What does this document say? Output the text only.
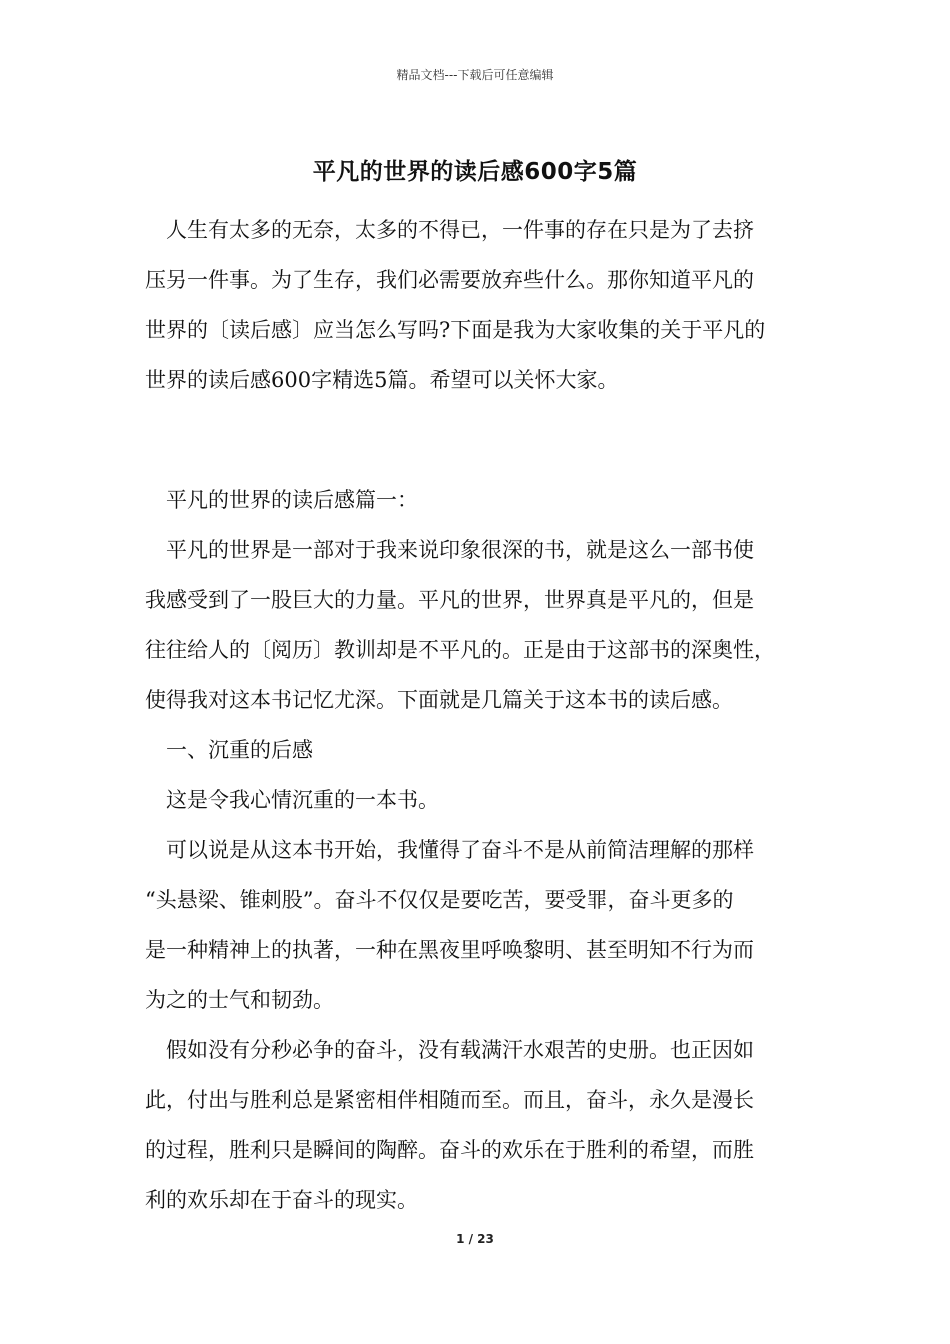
精品文档---下载后可任意编辑
平凡的世界的读后感600字5篇
人生有太多的无奈，太多的不得已，一件事的存在只是为了去挤
压另一件事。为了生存，我们必需要放弃些什么。那你知道平凡的
世界的〔读后感〕应当怎么写吗?下面是我为大家收集的关于平凡的
世界的读后感600字精选5篇。希望可以关怀大家。
平凡的世界的读后感篇一：
平凡的世界是一部对于我来说印象很深的书，就是这么一部书使
我感受到了一股巨大的力量。平凡的世界，世界真是平凡的，但是
往往给人的〔阅历〕教训却是不平凡的。正是由于这部书的深奥性，
使得我对这本书记忆尤深。下面就是几篇关于这本书的读后感。
一、沉重的后感
这是令我心情沉重的一本书。
可以说是从这本书开始，我懂得了奋斗不是从前简洁理解的那样
“头悬梁、锥刺股”。奋斗不仅仅是要吃苦，要受罪，奋斗更多的
是一种精神上的执著，一种在黑夜里呼唤黎明、甚至明知不行为而
为之的士气和韧劲。
假如没有分秒必争的奋斗，没有载满汗水艰苦的史册。也正因如
此，付出与胜利总是紧密相伴相随而至。而且，奋斗，永久是漫长
的过程，胜利只是瞬间的陶醉。奋斗的欢乐在于胜利的希望，而胜
利的欢乐却在于奋斗的现实。
1 / 23
